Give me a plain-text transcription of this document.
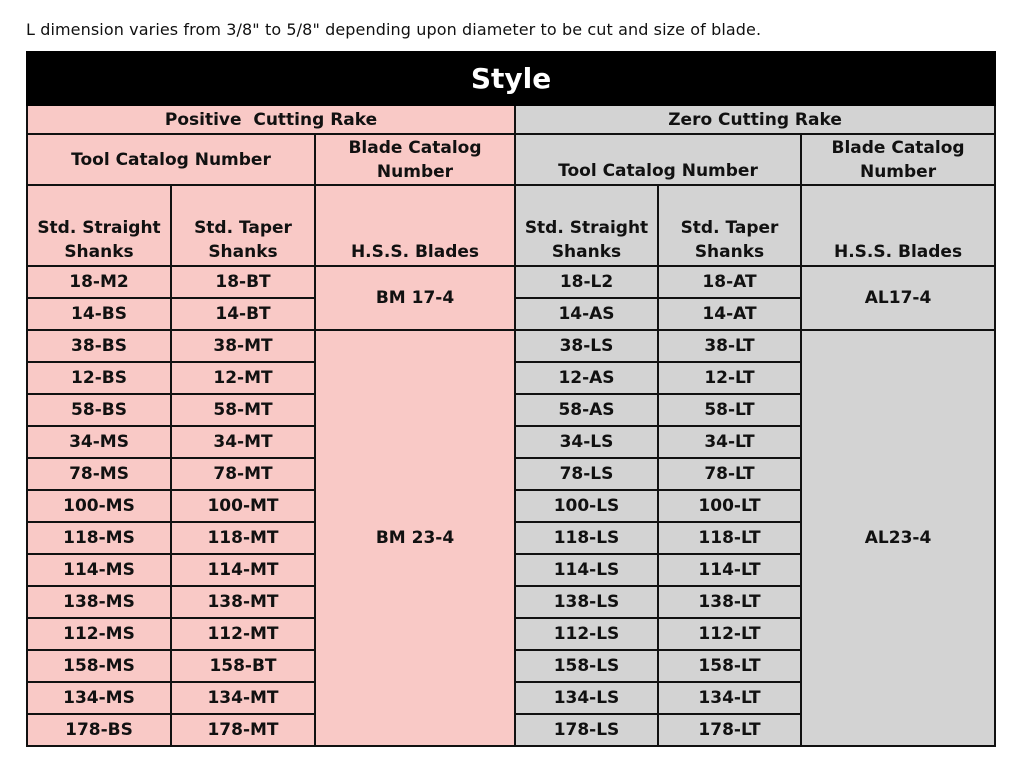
L dimension varies from 3/8" to 5/8" depending upon diameter to be cut and size of blade.
Style					
Positive  Cutting Rake			Zero Cutting Rake		
Tool Catalog Number		Blade Catalog Number	Tool Catalog Number		Blade Catalog Number
Std. Straight Shanks	Std. Taper Shanks	H.S.S. Blades	Std. Straight Shanks	Std. Taper Shanks	H.S.S. Blades
18-M2	18-BT	BM 17-4	18-L2	18-AT	AL17-4
14-BS	14-BT		14-AS	14-AT	
38-BS	38-MT	BM 23-4	38-LS	38-LT	AL23-4
12-BS	12-MT		12-AS	12-LT	
58-BS	58-MT		58-AS	58-LT	
34-MS	34-MT		34-LS	34-LT	
78-MS	78-MT		78-LS	78-LT	
100-MS	100-MT		100-LS	100-LT	
118-MS	118-MT		118-LS	118-LT	
114-MS	114-MT		114-LS	114-LT	
138-MS	138-MT		138-LS	138-LT	
112-MS	112-MT		112-LS	112-LT	
158-MS	158-BT		158-LS	158-LT	
134-MS	134-MT		134-LS	134-LT	
178-BS	178-MT		178-LS	178-LT	
